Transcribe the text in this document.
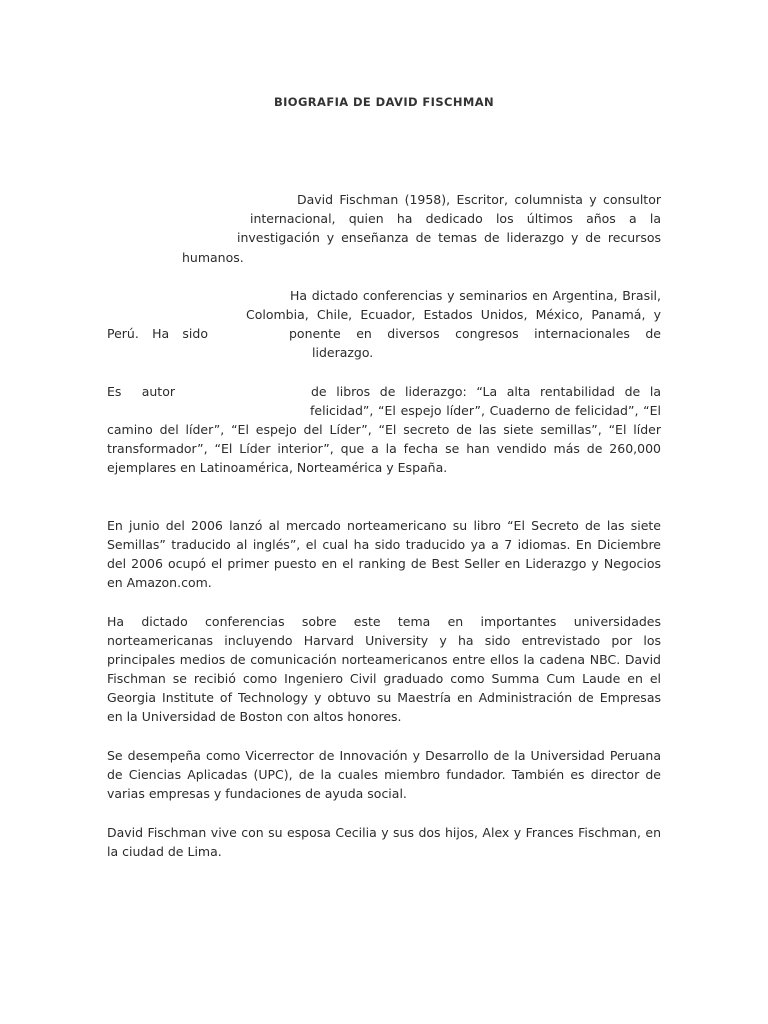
BIOGRAFIA DE DAVID FISCHMAN
David Fischman (1958), Escritor, columnista y consultor
internacional, quien ha dedicado los últimos años a la
investigación y enseñanza de temas de liderazgo y de recursos
humanos.
Ha dictado conferencias y seminarios en Argentina, Brasil,
Colombia, Chile, Ecuador, Estados Unidos, México, Panamá, y
Perú. Ha sido	ponente en diversos congresos internacionales de
liderazgo.
Es autor	de libros de liderazgo: “La alta rentabilidad de la
felicidad”, “El espejo líder”, Cuaderno de felicidad”, “El
camino del líder”, “El espejo del Líder”, “El secreto de las siete semillas”, “El líder
transformador”, “El Líder interior”, que a la fecha se han vendido más de 260,000
ejemplares en Latinoamérica, Norteamérica y España.
En junio del 2006 lanzó al mercado norteamericano su libro “El Secreto de las siete
Semillas” traducido al inglés”, el cual ha sido traducido ya a 7 idiomas. En Diciembre
del 2006 ocupó el primer puesto en el ranking de Best Seller en Liderazgo y Negocios
en Amazon.com.
Ha dictado conferencias sobre este tema en importantes universidades
norteamericanas incluyendo Harvard University y ha sido entrevistado por los
principales medios de comunicación norteamericanos entre ellos la cadena NBC. David
Fischman se recibió como Ingeniero Civil graduado como Summa Cum Laude en el
Georgia Institute of Technology y obtuvo su Maestría en Administración de Empresas
en la Universidad de Boston con altos honores.
Se desempeña como Vicerrector de Innovación y Desarrollo de la Universidad Peruana
de Ciencias Aplicadas (UPC), de la cuales miembro fundador. También es director de
varias empresas y fundaciones de ayuda social.
David Fischman vive con su esposa Cecilia y sus dos hijos, Alex y Frances Fischman, en
la ciudad de Lima.
